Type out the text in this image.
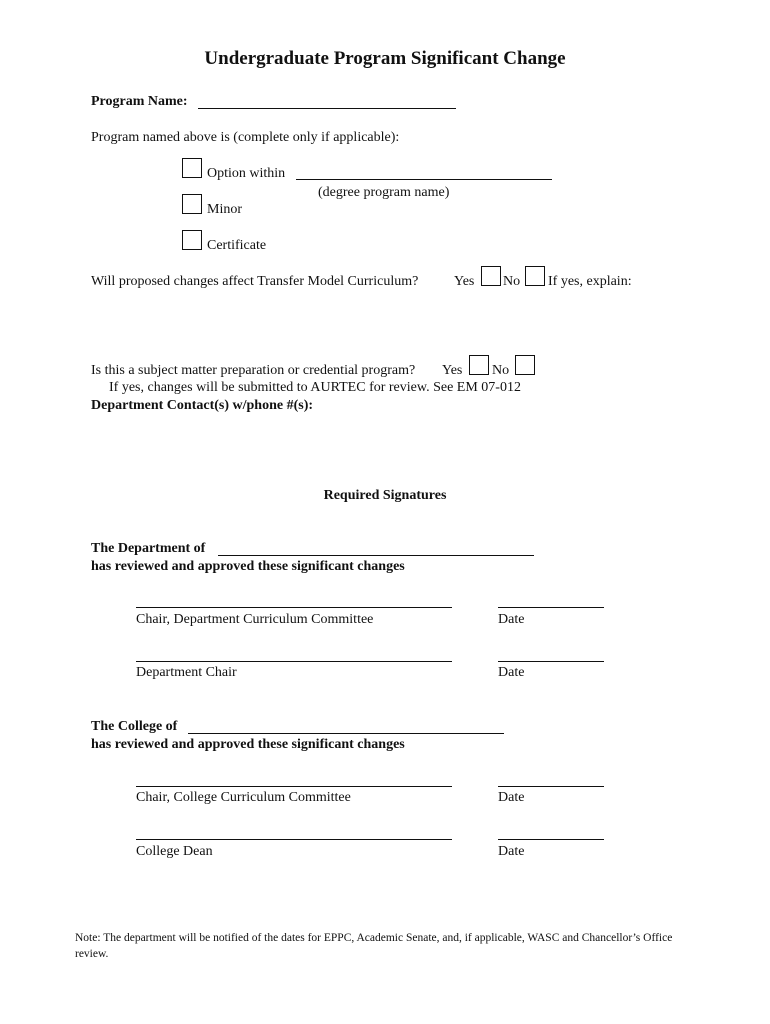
Undergraduate Program Significant Change
Program Name:
Program named above is (complete only if applicable):
Option within
(degree program name)
Minor
Certificate
Will proposed changes affect Transfer Model Curriculum?	Yes No If yes, explain:
Is this a subject matter preparation or credential program? Yes No
If yes, changes will be submitted to AURTEC for review. See EM 07-012
Department Contact(s) w/phone #(s):
Required Signatures
The Department of
has reviewed and approved these significant changes
Chair, Department Curriculum Committee	Date
Department Chair	Date
The College of
has reviewed and approved these significant changes
Chair, College Curriculum Committee	Date
College Dean	Date
Note: The department will be notified of the dates for EPPC, Academic Senate, and, if applicable, WASC and Chancellor’s Office review.
